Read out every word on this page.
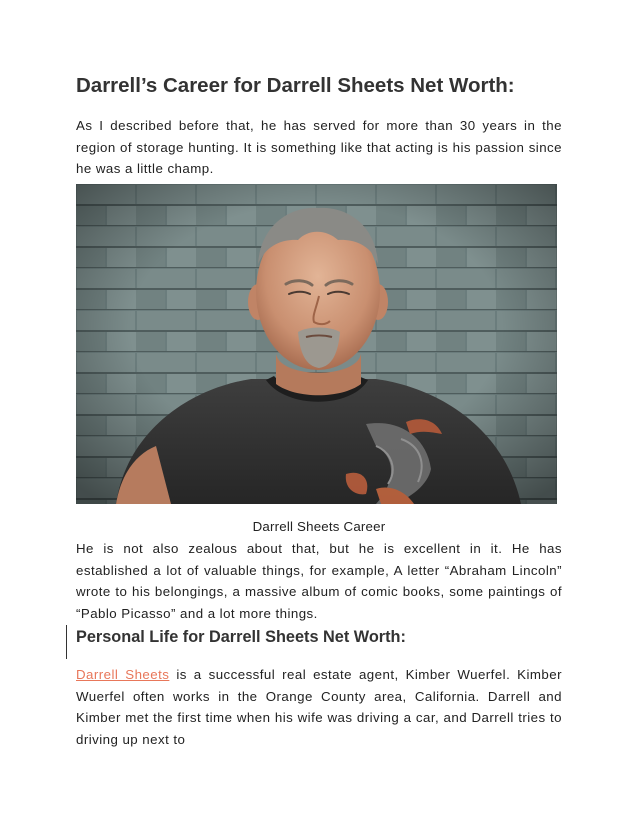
Darrell’s Career for Darrell Sheets Net Worth:

As I described before that, he has served for more than 30 years in the region of storage hunting. It is something like that acting is his passion since he was a little champ.

Darrell Sheets Career

He is not also zealous about that, but he is excellent in it. He has established a lot of valuable things, for example, A letter “Abraham Lincoln” wrote to his belongings, a massive album of comic books, some paintings of “Pablo Picasso” and a lot more things.

Personal Life for Darrell Sheets Net Worth:

Darrell Sheets is a successful real estate agent, Kimber Wuerfel. Kimber Wuerfel often works in the Orange County area, California. Darrell and Kimber met the first time when his wife was driving a car, and Darrell tries to driving up next to
